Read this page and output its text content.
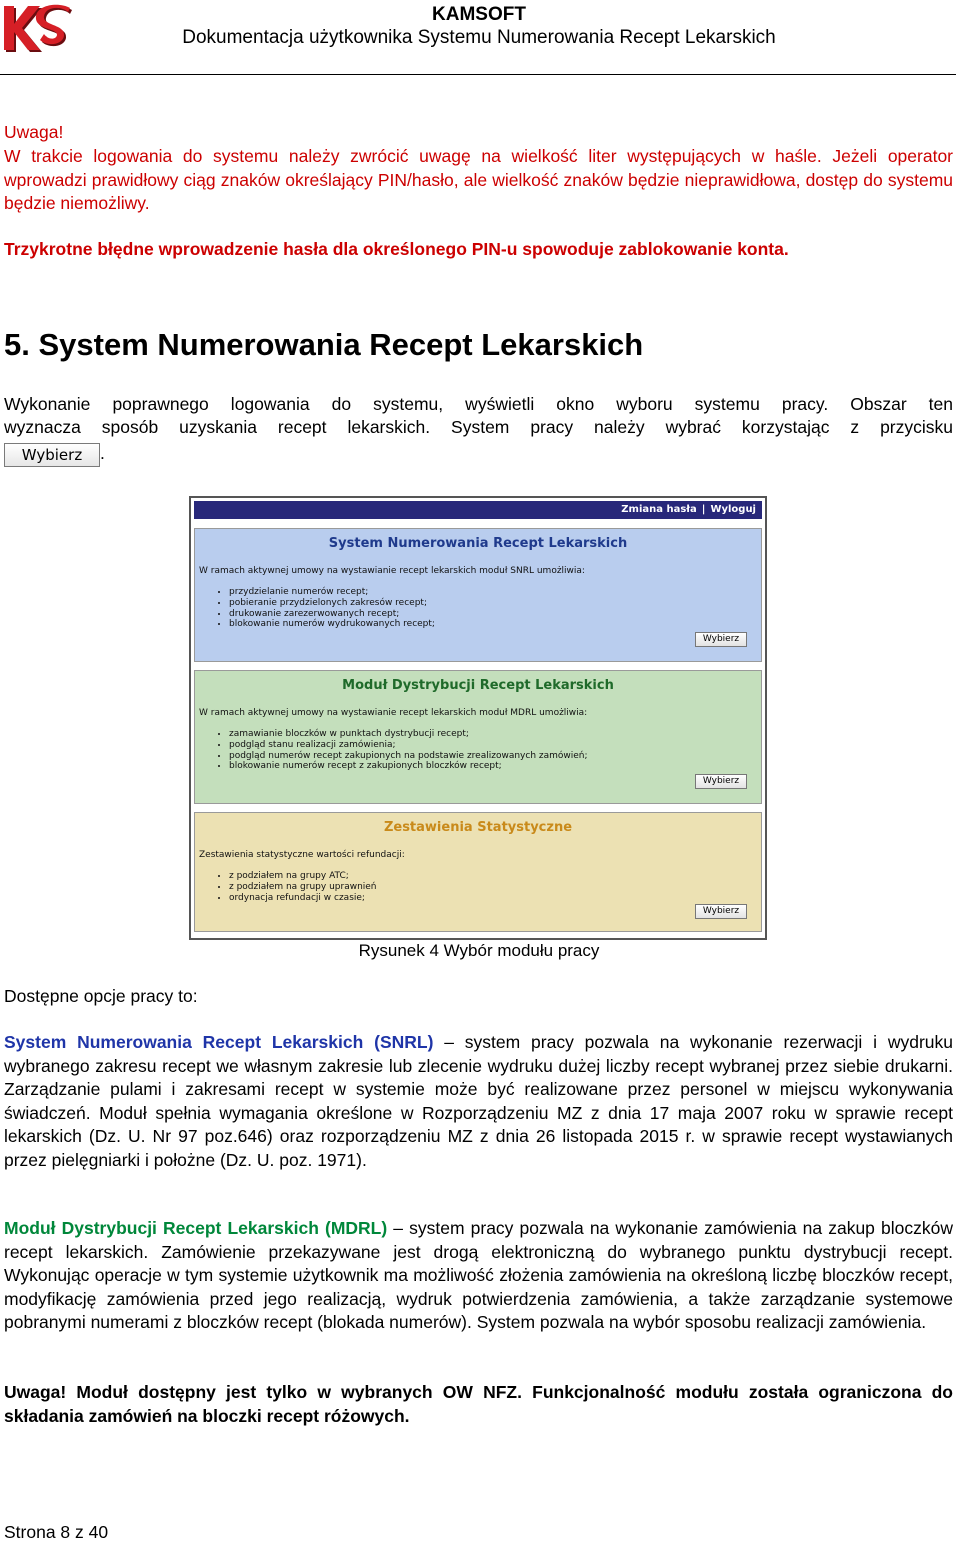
KAMSOFT
Dokumentacja użytkownika Systemu Numerowania Recept Lekarskich
Uwaga!
W trakcie logowania do systemu należy zwrócić uwagę na wielkość liter występujących w haśle. Jeżeli operator wprowadzi prawidłowy ciąg znaków określający PIN/hasło, ale wielkość znaków będzie nieprawidłowa, dostęp do systemu będzie niemożliwy.
Trzykrotne błędne wprowadzenie hasła dla określonego PIN-u spowoduje zablokowanie konta.
5. System Numerowania Recept Lekarskich
Wykonanie poprawnego logowania do systemu, wyświetli okno wyboru systemu pracy. Obszar ten
wyznacza sposób uzyskania recept lekarskich. System pracy należy wybrać korzystając z przycisku
Wybierz .
Zmiana hasła | Wyloguj
System Numerowania Recept Lekarskich
W ramach aktywnej umowy na wystawianie recept lekarskich moduł SNRL umożliwia:
• przydzielanie numerów recept;
• pobieranie przydzielonych zakresów recept;
• drukowanie zarezerwowanych recept;
• blokowanie numerów wydrukowanych recept;
Wybierz
Moduł Dystrybucji Recept Lekarskich
W ramach aktywnej umowy na wystawianie recept lekarskich moduł MDRL umożliwia:
• zamawianie bloczków w punktach dystrybucji recept;
• podgląd stanu realizacji zamówienia;
• podgląd numerów recept zakupionych na podstawie zrealizowanych zamówień;
• blokowanie numerów recept z zakupionych bloczków recept;
Wybierz
Zestawienia Statystyczne
Zestawienia statystyczne wartości refundacji:
• z podziałem na grupy ATC;
• z podziałem na grupy uprawnień
• ordynacja refundacji w czasie;
Wybierz
Rysunek 4 Wybór modułu pracy
Dostępne opcje pracy to:
System Numerowania Recept Lekarskich (SNRL) – system pracy pozwala na wykonanie rezerwacji i wydruku wybranego zakresu recept we własnym zakresie lub zlecenie wydruku dużej liczby recept wybranej przez siebie drukarni. Zarządzanie pulami i zakresami recept w systemie może być realizowane przez personel w miejscu wykonywania świadczeń. Moduł spełnia wymagania określone w Rozporządzeniu MZ z dnia 17 maja 2007 roku w sprawie recept lekarskich (Dz. U. Nr 97 poz.646) oraz rozporządzeniu MZ z dnia 26 listopada 2015 r. w sprawie recept wystawianych przez pielęgniarki i położne (Dz. U. poz. 1971).
Moduł Dystrybucji Recept Lekarskich (MDRL) – system pracy pozwala na wykonanie zamówienia na zakup bloczków recept lekarskich. Zamówienie przekazywane jest drogą elektroniczną do wybranego punktu dystrybucji recept. Wykonując operacje w tym systemie użytkownik ma możliwość złożenia zamówienia na określoną liczbę bloczków recept, modyfikację zamówienia przed jego realizacją, wydruk potwierdzenia zamówienia, a także zarządzanie systemowe pobranymi numerami z bloczków recept (blokada numerów). System pozwala na wybór sposobu realizacji zamówienia.
Uwaga! Moduł dostępny jest tylko w wybranych OW NFZ. Funkcjonalność modułu została ograniczona do składania zamówień na bloczki recept różowych.
Strona 8 z 40
